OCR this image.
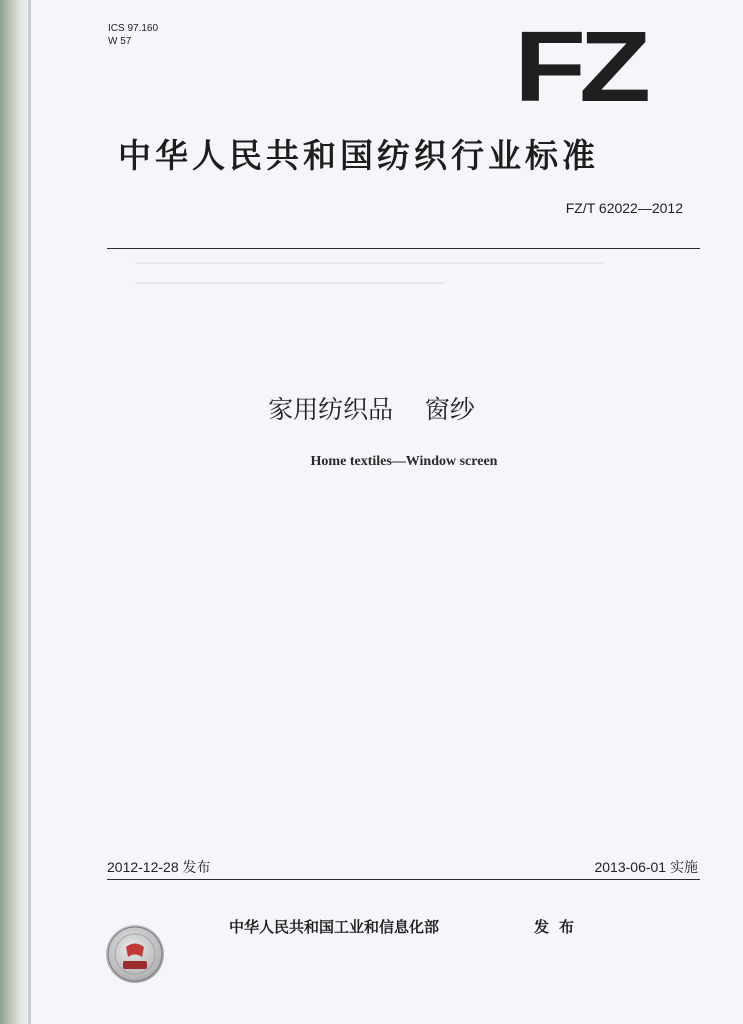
ICS 97.160
W 57	FZ
中华人民共和国纺织行业标准
FZ/T 62022—2012
家用纺织品    窗纱
Home textiles—Window screen
2012-12-28 发布	2013-06-01 实施
中华人民共和国工业和信息化部	发布
